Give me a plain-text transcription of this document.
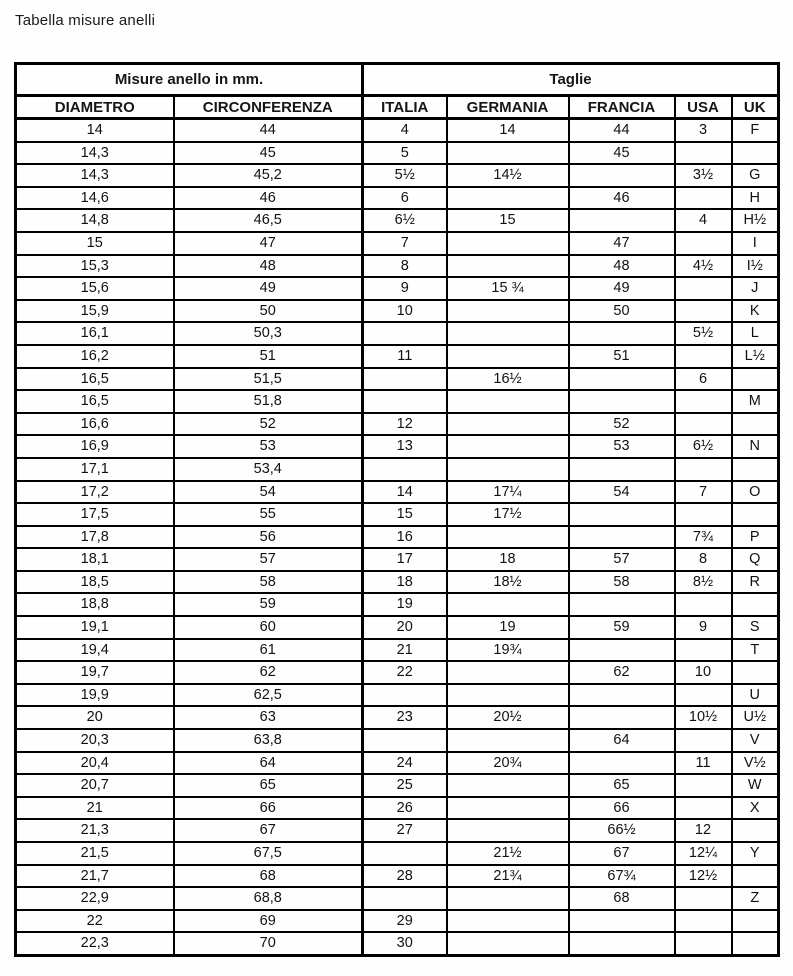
Tabella misure anelli
Misure anello in mm.		Taglie				
DIAMETRO	CIRCONFERENZA	ITALIA	GERMANIA	FRANCIA	USA	UK
14	44	4	14	44	3	F
14,3	45	5		45		
14,3	45,2	5½	14½		3½	G
14,6	46	6		46		H
14,8	46,5	6½	15		4	H½
15	47	7		47		I
15,3	48	8		48	4½	I½
15,6	49	9	15 ¾	49		J
15,9	50	10		50		K
16,1	50,3				5½	L
16,2	51	11		51		L½
16,5	51,5		16½		6	
16,5	51,8					M
16,6	52	12		52		
16,9	53	13		53	6½	N
17,1	53,4					
17,2	54	14	17¼	54	7	O
17,5	55	15	17½			
17,8	56	16			7¾	P
18,1	57	17	18	57	8	Q
18,5	58	18	18½	58	8½	R
18,8	59	19				
19,1	60	20	19	59	9	S
19,4	61	21	19¾			T
19,7	62	22		62	10	
19,9	62,5					U
20	63	23	20½		10½	U½
20,3	63,8			64		V
20,4	64	24	20¾		11	V½
20,7	65	25		65		W
21	66	26		66		X
21,3	67	27		66½	12	
21,5	67,5		21½	67	12¼	Y
21,7	68	28	21¾	67¾	12½	
22,9	68,8			68		Z
22	69	29				
22,3	70	30				
